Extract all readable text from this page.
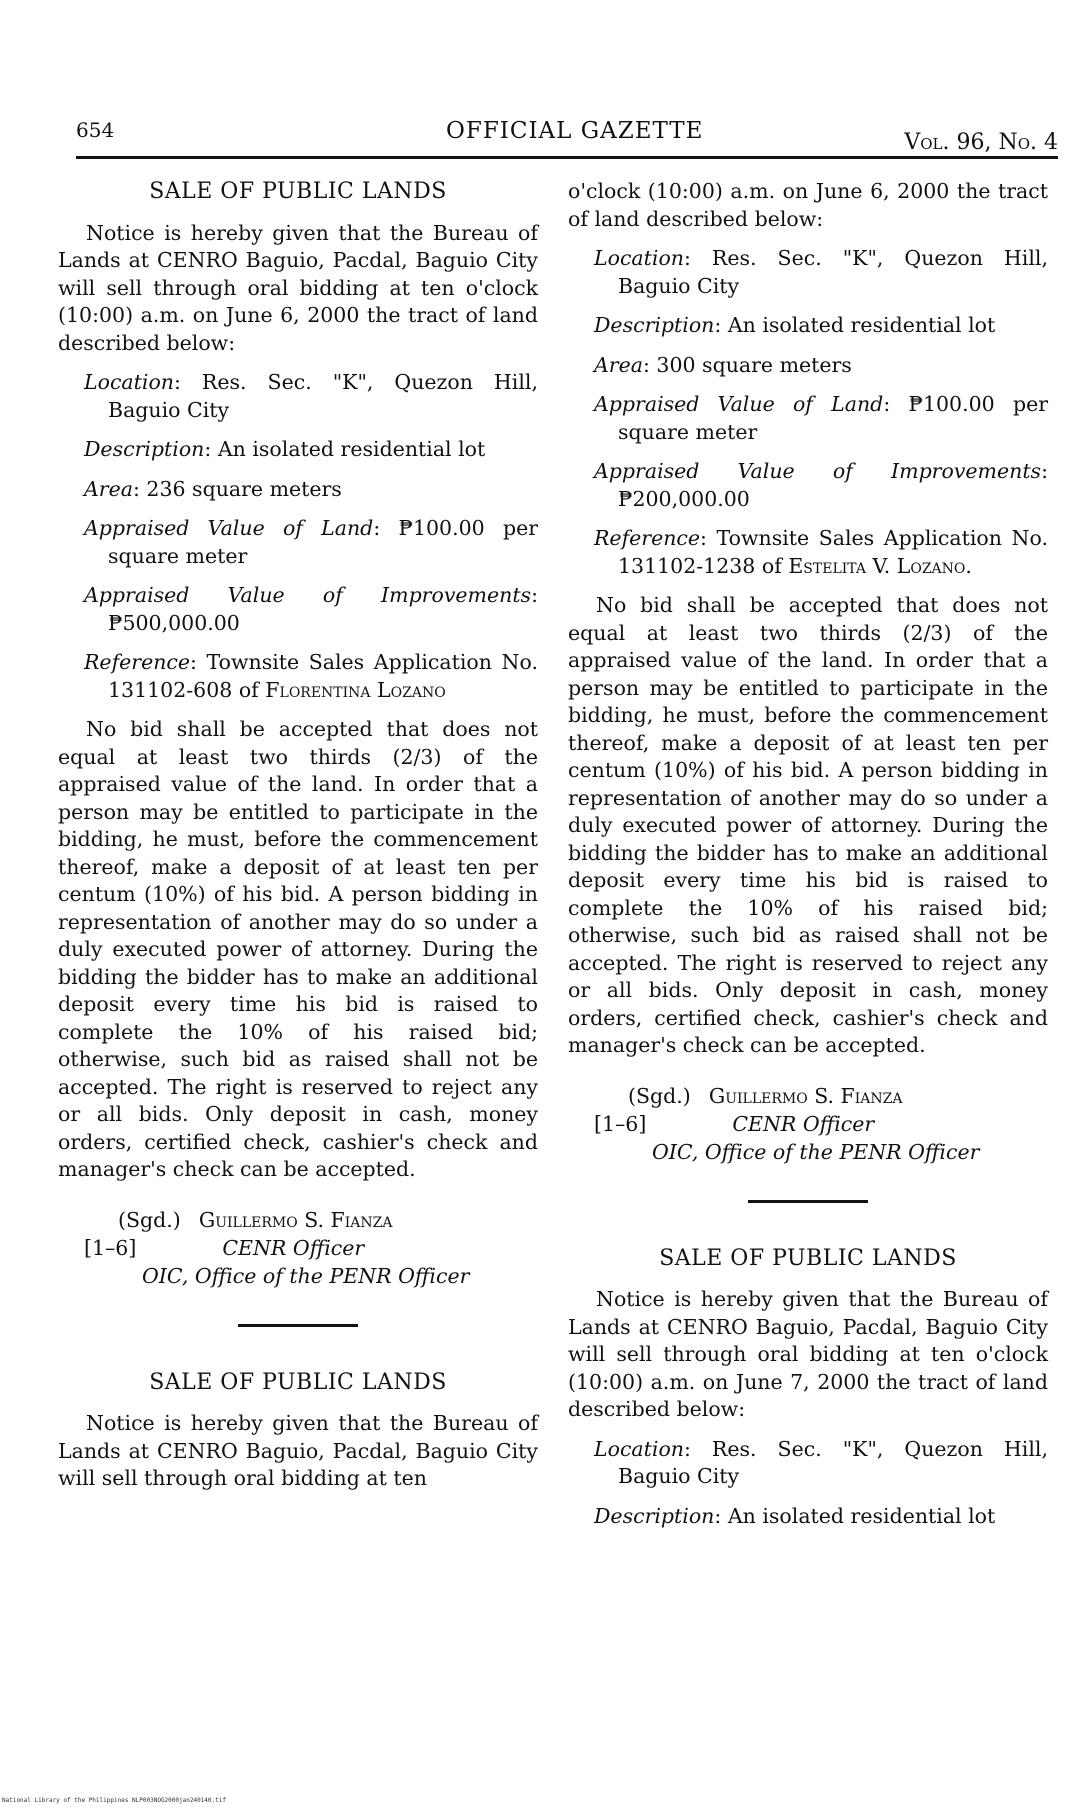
654	OFFICIAL GAZETTE	Vol. 96, No. 4
SALE OF PUBLIC LANDS

Notice is hereby given that the Bureau of Lands at CENRO Baguio, Pacdal, Baguio City will sell through oral bidding at ten o'clock (10:00) a.m. on June 6, 2000 the tract of land described below:

Location: Res. Sec. "K", Quezon Hill, Baguio City
Description: An isolated residential lot
Area: 236 square meters
Appraised Value of Land: ₱100.00 per square meter
Appraised Value of Improvements: ₱500,000.00
Reference: Townsite Sales Application No. 131102-608 of Florentina Lozano

No bid shall be accepted that does not equal at least two thirds (2/3) of the appraised value of the land. In order that a person may be entitled to participate in the bidding, he must, before the commencement thereof, make a deposit of at least ten per centum (10%) of his bid. A person bidding in representation of another may do so under a duly executed power of attorney. During the bidding the bidder has to make an additional deposit every time his bid is raised to complete the 10% of his raised bid; otherwise, such bid as raised shall not be accepted. The right is reserved to reject any or all bids. Only deposit in cash, money orders, certified check, cashier's check and manager's check can be accepted.

(Sgd.) Guillermo S. Fianza
[1–6]	CENR Officer
OIC, Office of the PENR Officer
SALE OF PUBLIC LANDS

Notice is hereby given that the Bureau of Lands at CENRO Baguio, Pacdal, Baguio City will sell through oral bidding at ten

o'clock (10:00) a.m. on June 6, 2000 the tract of land described below:

Location: Res. Sec. "K", Quezon Hill, Baguio City
Description: An isolated residential lot
Area: 300 square meters
Appraised Value of Land: ₱100.00 per square meter
Appraised Value of Improvements: ₱200,000.00
Reference: Townsite Sales Application No. 131102-1238 of Estelita V. Lozano.

No bid shall be accepted that does not equal at least two thirds (2/3) of the appraised value of the land. In order that a person may be entitled to participate in the bidding, he must, before the commencement thereof, make a deposit of at least ten per centum (10%) of his bid. A person bidding in representation of another may do so under a duly executed power of attorney. During the bidding the bidder has to make an additional deposit every time his bid is raised to complete the 10% of his raised bid; otherwise, such bid as raised shall not be accepted. The right is reserved to reject any or all bids. Only deposit in cash, money orders, certified check, cashier's check and manager's check can be accepted.

(Sgd.) Guillermo S. Fianza
[1–6]	CENR Officer
OIC, Office of the PENR Officer
SALE OF PUBLIC LANDS

Notice is hereby given that the Bureau of Lands at CENRO Baguio, Pacdal, Baguio City will sell through oral bidding at ten o'clock (10:00) a.m. on June 7, 2000 the tract of land described below:

Location: Res. Sec. "K", Quezon Hill, Baguio City
Description: An isolated residential lot
National Library of the Philippines NLP003NOG2000jan240140.tif
